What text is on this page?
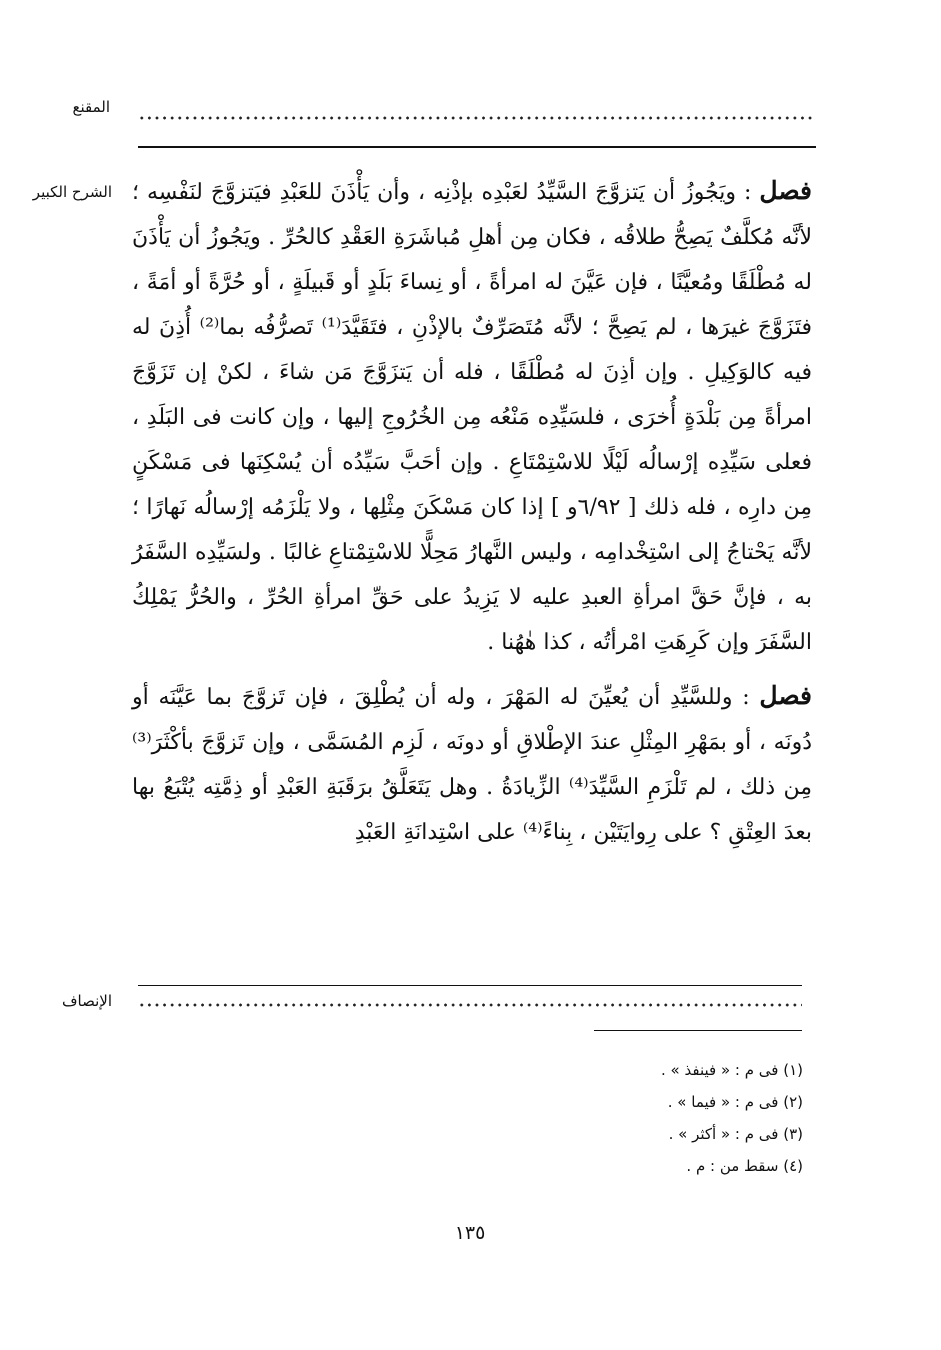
المقنع
الشرح الكبير
الإنصاف

فصل : ويَجُوزُ أن يَتزوَّجَ السَّيِّدُ لعَبْدِه بإذْنِه ، وأن يَأْذَنَ للعَبْدِ فيَتزوَّجَ لنَفْسِه ؛ لأنَّه مُكلَّفٌ يَصِحُّ طلاقُه ، فكان مِن أهلِ مُباشَرَةِ العَقْدِ كالحُرِّ . ويَجُوزُ أن يَأْذَنَ له مُطْلَقًا ومُعيَّنًا ، فإن عَيَّنَ له امرأةً ، أو نِساءَ بَلَدٍ أو قَبيلَةٍ ، أو حُرَّةً أو أمَةً ، فتَزَوَّجَ غيرَها ، لم يَصِحَّ ؛ لأنَّه مُتَصَرِّفٌ بالإذْنِ ، فتَقَيَّدَ⁽¹⁾ تَصرُّفُه بما⁽²⁾ أُذِنَ له فيه كالوَكِيلِ . وإن أذِنَ له مُطْلَقًا ، فله أن يَتزَوَّجَ مَن شاءَ ، لكنْ إن تَزَوَّجَ امرأةً مِن بَلْدَةٍ أُخرَى ، فلسَيِّدِه مَنْعُه مِن الخُرُوجِ إليها ، وإن كانت فى البَلَدِ ، فعلى سَيِّدِه إرْسالُه لَيْلًا للاسْتِمْتَاعِ . وإن أحَبَّ سَيِّدُه أن يُسْكِنَها فى مَسْكَنٍ مِن دارِه ، فله ذلك [ ٦/٩٢و ] إذا كان مَسْكَنَ مِثْلِها ، ولا يَلْزَمُه إرْسالُه نَهارًا ؛ لأنَّه يَحْتاجُ إلى اسْتِخْدامِه ، وليس النَّهارُ مَحِلًّا للاسْتِمْتاعِ غالبًا . ولسَيِّدِه السَّفَرُ به ، فإنَّ حَقَّ امرأةِ العبدِ عليه لا يَزِيدُ على حَقِّ امرأةِ الحُرِّ ، والحُرُّ يَمْلِكُ السَّفَرَ وإن كَرِهَتِ امْرأتُه ، كذا هٰهُنا .

فصل : وللسَّيِّدِ أن يُعيِّنَ له المَهْرَ ، وله أن يُطْلِقَ ، فإن تَزوَّجَ بما عَيَّنَه أو دُونَه ، أو بمَهْرِ المِثْلِ عندَ الإطْلاقِ أو دونَه ، لَزِم المُسَمَّى ، وإن تَزوَّجَ بأكْثَرَ⁽³⁾ مِن ذلك ، لم تَلْزَمِ السَّيِّدَ⁽⁴⁾ الزِّيادَةُ . وهل يَتَعَلَّقُ برَقَبَةِ العَبْدِ أو ذِمَّتِه يُتْبَعُ بها بعدَ العِتْقِ ؟ على رِوايَتَيْن ، بِناءً⁽⁴⁾ على اسْتِدانَةِ العَبْدِ

(١) فى م : « فينفذ » .
(٢) فى م : « فيما » .
(٣) فى م : « أكثر » .
(٤) سقط من : م .
١٣٥
